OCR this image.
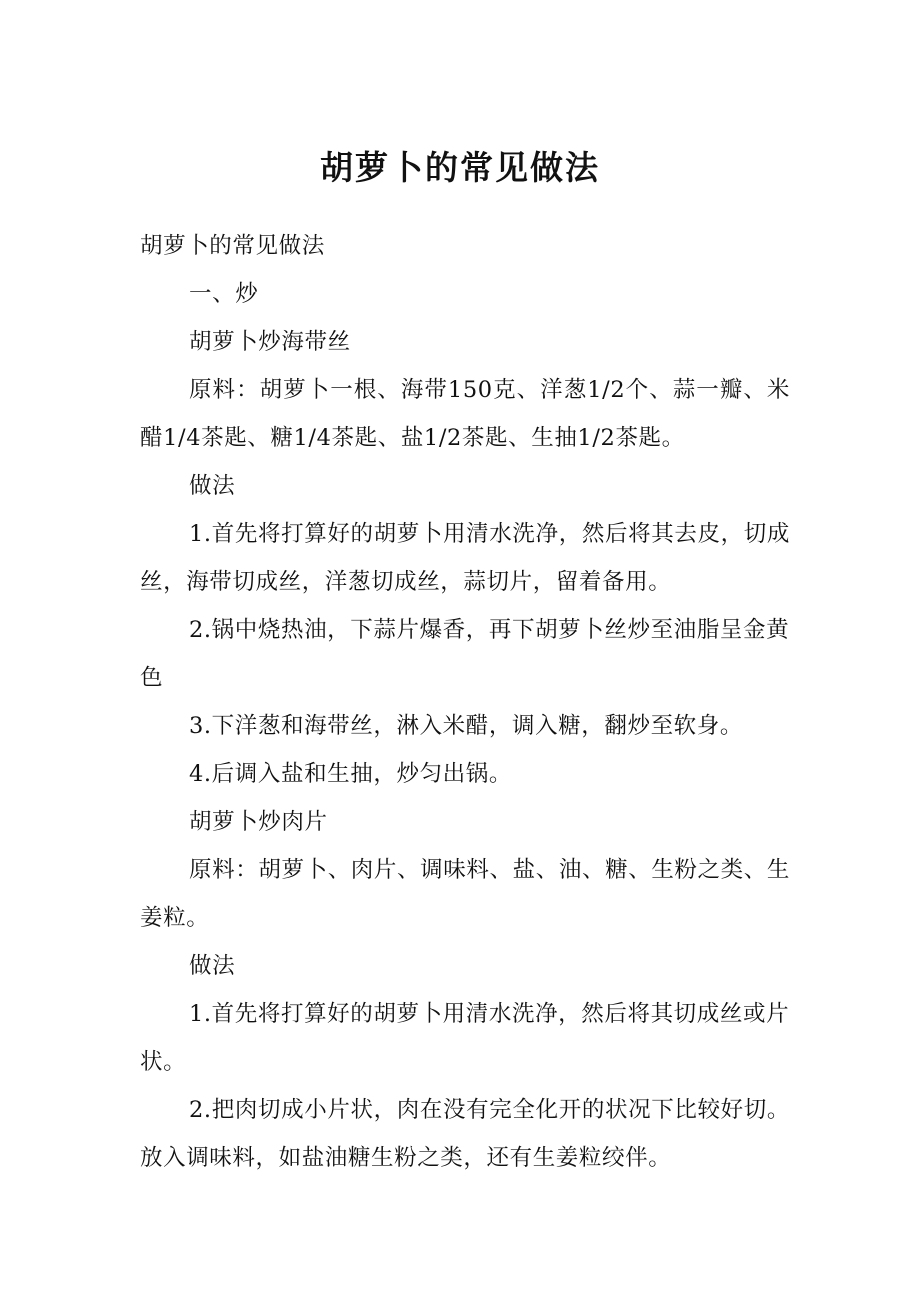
胡萝卜的常见做法

胡萝卜的常见做法

一、炒

胡萝卜炒海带丝

原料：胡萝卜一根、海带150克、洋葱1/2个、蒜一瓣、米醋1/4茶匙、糖1/4茶匙、盐1/2茶匙、生抽1/2茶匙。

做法

1.首先将打算好的胡萝卜用清水洗净，然后将其去皮，切成丝，海带切成丝，洋葱切成丝，蒜切片，留着备用。

2.锅中烧热油，下蒜片爆香，再下胡萝卜丝炒至油脂呈金黄色

3.下洋葱和海带丝，淋入米醋，调入糖，翻炒至软身。

4.后调入盐和生抽，炒匀出锅。

胡萝卜炒肉片

原料：胡萝卜、肉片、调味料、盐、油、糖、生粉之类、生姜粒。

做法

1.首先将打算好的胡萝卜用清水洗净，然后将其切成丝或片状。

2.把肉切成小片状，肉在没有完全化开的状况下比较好切。放入调味料，如盐油糖生粉之类，还有生姜粒绞伴。
